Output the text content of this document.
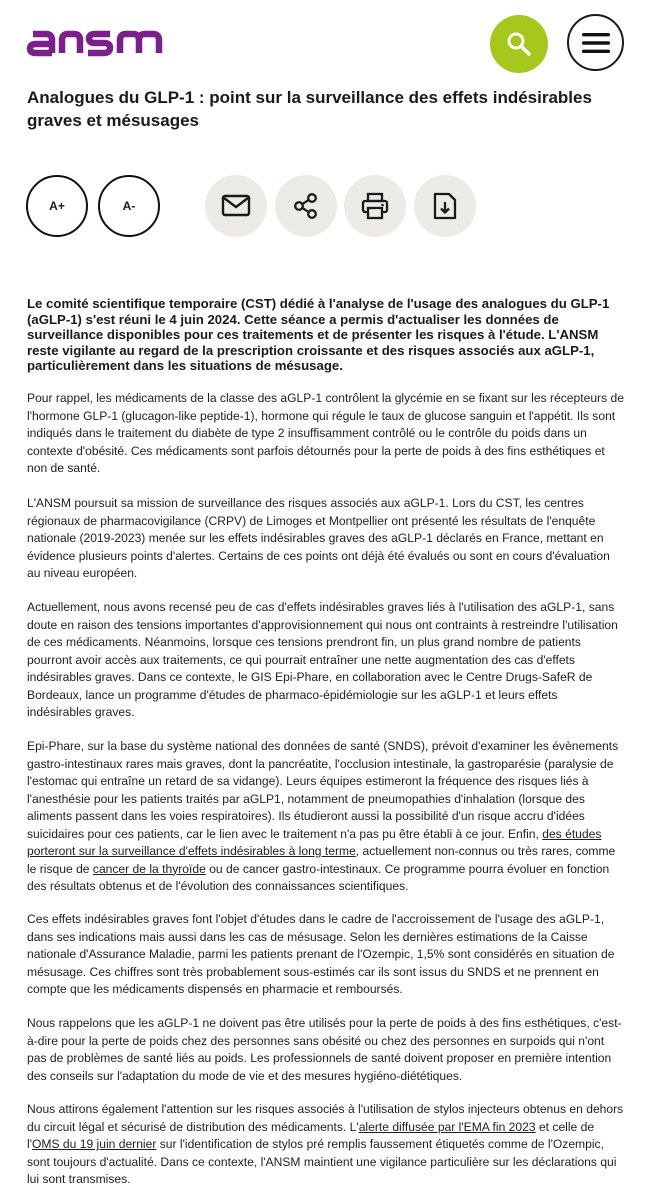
Analogues du GLP-1 : point sur la surveillance des effets indésirables graves et mésusages
A+	A-

Le comité scientifique temporaire (CST) dédié à l'analyse de l'usage des analogues du GLP-1 (aGLP-1) s'est réuni le 4 juin 2024. Cette séance a permis d'actualiser les données de surveillance disponibles pour ces traitements et de présenter les risques à l'étude. L'ANSM reste vigilante au regard de la prescription croissante et des risques associés aux aGLP-1, particulièrement dans les situations de mésusage.

Pour rappel, les médicaments de la classe des aGLP-1 contrôlent la glycémie en se fixant sur les récepteurs de l'hormone GLP-1 (glucagon-like peptide-1), hormone qui régule le taux de glucose sanguin et l'appétit. Ils sont indiqués dans le traitement du diabète de type 2 insuffisamment contrôlé ou le contrôle du poids dans un contexte d'obésité. Ces médicaments sont parfois détournés pour la perte de poids à des fins esthétiques et non de santé.

L'ANSM poursuit sa mission de surveillance des risques associés aux aGLP-1. Lors du CST, les centres régionaux de pharmacovigilance (CRPV) de Limoges et Montpellier ont présenté les résultats de l'enquête nationale (2019-2023) menée sur les effets indésirables graves des aGLP-1 déclarés en France, mettant en évidence plusieurs points d'alertes. Certains de ces points ont déjà été évalués ou sont en cours d'évaluation au niveau européen.

Actuellement, nous avons recensé peu de cas d'effets indésirables graves liés à l'utilisation des aGLP-1, sans doute en raison des tensions importantes d'approvisionnement qui nous ont contraints à restreindre l'utilisation de ces médicaments. Néanmoins, lorsque ces tensions prendront fin, un plus grand nombre de patients pourront avoir accès aux traitements, ce qui pourrait entraîner une nette augmentation des cas d'effets indésirables graves. Dans ce contexte, le GIS Epi-Phare, en collaboration avec le Centre Drugs-SafeR de Bordeaux, lance un programme d'études de pharmaco-épidémiologie sur les aGLP-1 et leurs effets indésirables graves.

Epi-Phare, sur la base du système national des données de santé (SNDS), prévoit d'examiner les évènements gastro-intestinaux rares mais graves, dont la pancréatite, l'occlusion intestinale, la gastroparésie (paralysie de l'estomac qui entraîne un retard de sa vidange). Leurs équipes estimeront la fréquence des risques liés à l'anesthésie pour les patients traités par aGLP1, notamment de pneumopathies d'inhalation (lorsque des aliments passent dans les voies respiratoires). Ils étudieront aussi la possibilité d'un risque accru d'idées suicidaires pour ces patients, car le lien avec le traitement n'a pas pu être établi à ce jour. Enfin, des études porteront sur la surveillance d'effets indésirables à long terme, actuellement non-connus ou très rares, comme le risque de cancer de la thyroïde ou de cancer gastro-intestinaux. Ce programme pourra évoluer en fonction des résultats obtenus et de l'évolution des connaissances scientifiques.

Ces effets indésirables graves font l'objet d'études dans le cadre de l'accroissement de l'usage des aGLP-1, dans ses indications mais aussi dans les cas de mésusage. Selon les dernières estimations de la Caisse nationale d'Assurance Maladie, parmi les patients prenant de l'Ozempic, 1,5% sont considérés en situation de mésusage. Ces chiffres sont très probablement sous-estimés car ils sont issus du SNDS et ne prennent en compte que les médicaments dispensés en pharmacie et remboursés.

Nous rappelons que les aGLP-1 ne doivent pas être utilisés pour la perte de poids à des fins esthétiques, c'est-à-dire pour la perte de poids chez des personnes sans obésité ou chez des personnes en surpoids qui n'ont pas de problèmes de santé liés au poids. Les professionnels de santé doivent proposer en première intention des conseils sur l'adaptation du mode de vie et des mesures hygiéno-diététiques.

Nous attirons également l'attention sur les risques associés à l'utilisation de stylos injecteurs obtenus en dehors du circuit légal et sécurisé de distribution des médicaments. L'alerte diffusée par l'EMA fin 2023 et celle de l'OMS du 19 juin dernier sur l'identification de stylos pré remplis faussement étiquetés comme de l'Ozempic, sont toujours d'actualité. Dans ce contexte, l'ANSM maintient une vigilance particulière sur les déclarations qui lui sont transmises.
